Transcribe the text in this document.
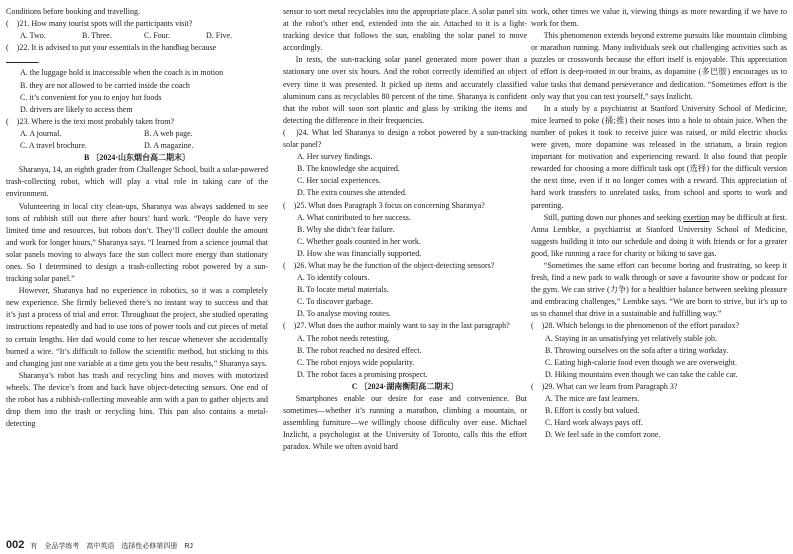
Conditions before booking and travelling.

(　)21. How many tourist spots will the participants visit?

A. Two.	B. Three.	C. Four.	D. Five.

(　)22. It is advised to put your essentials in the handbag because

.

A. the luggage hold is inaccessible when the coach is in motion

B. they are not allowed to be carried inside the coach

C. it’s convenient for you to enjoy hot foods

D. drivers are likely to access them

(　)23. Where is the text most probably taken from?

A. A journal.	B. A web page.
C. A travel brochure.	D. A magazine.

B 〔2024·山东烟台高二期末〕

Sharanya, 14, an eighth grader from Challenger School, built a solar-powered trash-collecting robot, which will play a vital role in taking care of the environment.

Volunteering in local city clean-ups, Sharanya was always saddened to see tons of rubbish still out there after hours’ hard work. “People do have very limited time and resources, but robots don’t. They’ll collect double the amount and work for longer hours,” Sharanya says. “I learned from a science journal that solar panels moving to always face the sun collect more energy than stationary ones. So I determined to design a trash-collecting robot powered by a sun-tracking solar panel.”

However, Sharanya had no experience in robotics, so it was a completely new experience. She firmly believed there’s no instant way to success and that it’s just a process of trial and error. Throughout the project, she studied operating instructions repeatedly and had to use tons of power tools and cut pieces of metal to certain lengths. Her dad would come to her rescue whenever she accidentally burned a wire. “It’s difficult to follow the scientific method, but sticking to this and changing just one variable at a time gets you the best results,” Sharanya says.

Sharanya’s robot has trash and recycling bins and moves with motorized wheels. The device’s front and back have object-detecting sensors. One end of the robot has a rubbish-collecting moveable arm with a pan to gather objects and drop them into the trash or recycling bins. This pan also contains a metal-detecting

sensor to sort metal recyclables into the appropriate place. A solar panel sits at the robot’s other end, extended into the air. Attached to it is a light-tracking device that follows the sun, enabling the solar panel to move accordingly.

In tests, the sun-tracking solar panel generated more power than a stationary one over six hours. And the robot correctly identified an object every time it was presented. It picked up items and accurately classified aluminum cans as recyclables 80 percent of the time. Sharanya is confident that the robot will soon sort plastic and glass by striking the items and detecting the difference in their frequencies.

(　)24. What led Sharanya to design a robot powered by a sun-tracking solar panel?

A. Her survey findings.

B. The knowledge she acquired.

C. Her social experiences.

D. The extra courses she attended.

(　)25. What does Paragraph 3 focus on concerning Sharanya?

A. What contributed to her success.

B. Why she didn’t fear failure.

C. Whether goals counted in her work.

D. How she was financially supported.

(　)26. What may be the function of the object-detecting sensors?

A. To identify colours.

B. To locate metal materials.

C. To discover garbage.

D. To analyse moving routes.

(　)27. What does the author mainly want to say in the last paragraph?

A. The robot needs retesting.

B. The robot reached no desired effect.

C. The robot enjoys wide popularity.

D. The robot faces a promising prospect.

C 〔2024·湖南衡阳高二期末〕

Smartphones enable our desire for ease and convenience. But sometimes—whether it’s running a marathon, climbing a mountain, or assembling furniture—we willingly choose difficulty over ease. Michael Inzlicht, a psychologist at the University of Toronto, calls this the effort paradox. While we often avoid hard

work, other times we value it, viewing things as more rewarding if we have to work for them.

This phenomenon extends beyond extreme pursuits like mountain climbing or marathon running. Many individuals seek out challenging activities such as puzzles or crosswords because the effort itself is enjoyable. This appreciation of effort is deep-rooted in our brains, as dopamine (多巴胺) encourages us to value tasks that demand perseverance and dedication. “Sometimes effort is the only way that you can test yourself,” says Inzlicht.

In a study by a psychiatrist at Stanford University School of Medicine, mice learned to poke (捅;推) their noses into a hole to obtain juice. When the number of pokes it took to receive juice was raised, or mild electric shocks were given, more dopamine was released in the striatum, a brain region important for motivation and experiencing reward. It also found that people rewarded for choosing a more difficult task opt (选择) for the difficult version the next time, even if it no longer comes with a reward. This appreciation of hard work transfers to unrelated tasks, from school and sports to work and parenting.

Still, putting down our phones and seeking exertion may be difficult at first. Anna Lembke, a psychiatrist at Stanford University School of Medicine, suggests building it into our schedule and doing it with friends or for a greater good, like running a race for charity or biking to save gas.

“Sometimes the same effort can become boring and frustrating, so keep it fresh, find a new park to walk through or save a favourite show or podcast for the gym. We can strive (力争) for a healthier balance between seeking pleasure and embracing challenges,” Lembke says. “We are born to strive, but it’s up to us to channel that drive in a sustainable and fulfilling way.”

(　)28. Which belongs to the phenomenon of the effort paradox?

A. Staying in an unsatisfying yet relatively stable job.

B. Throwing ourselves on the sofa after a tiring workday.

C. Eating high-calorie food even though we are overweight.

D. Hiking mountains even though we can take the cable car.

(　)29. What can we learn from Paragraph 3?

A. The mice are fast learners.

B. Effort is costly but valued.

C. Hard work always pays off.

D. We feel safe in the comfort zone.

002 有　全品学练考　高中英语　选择性必修第四册　RJ
